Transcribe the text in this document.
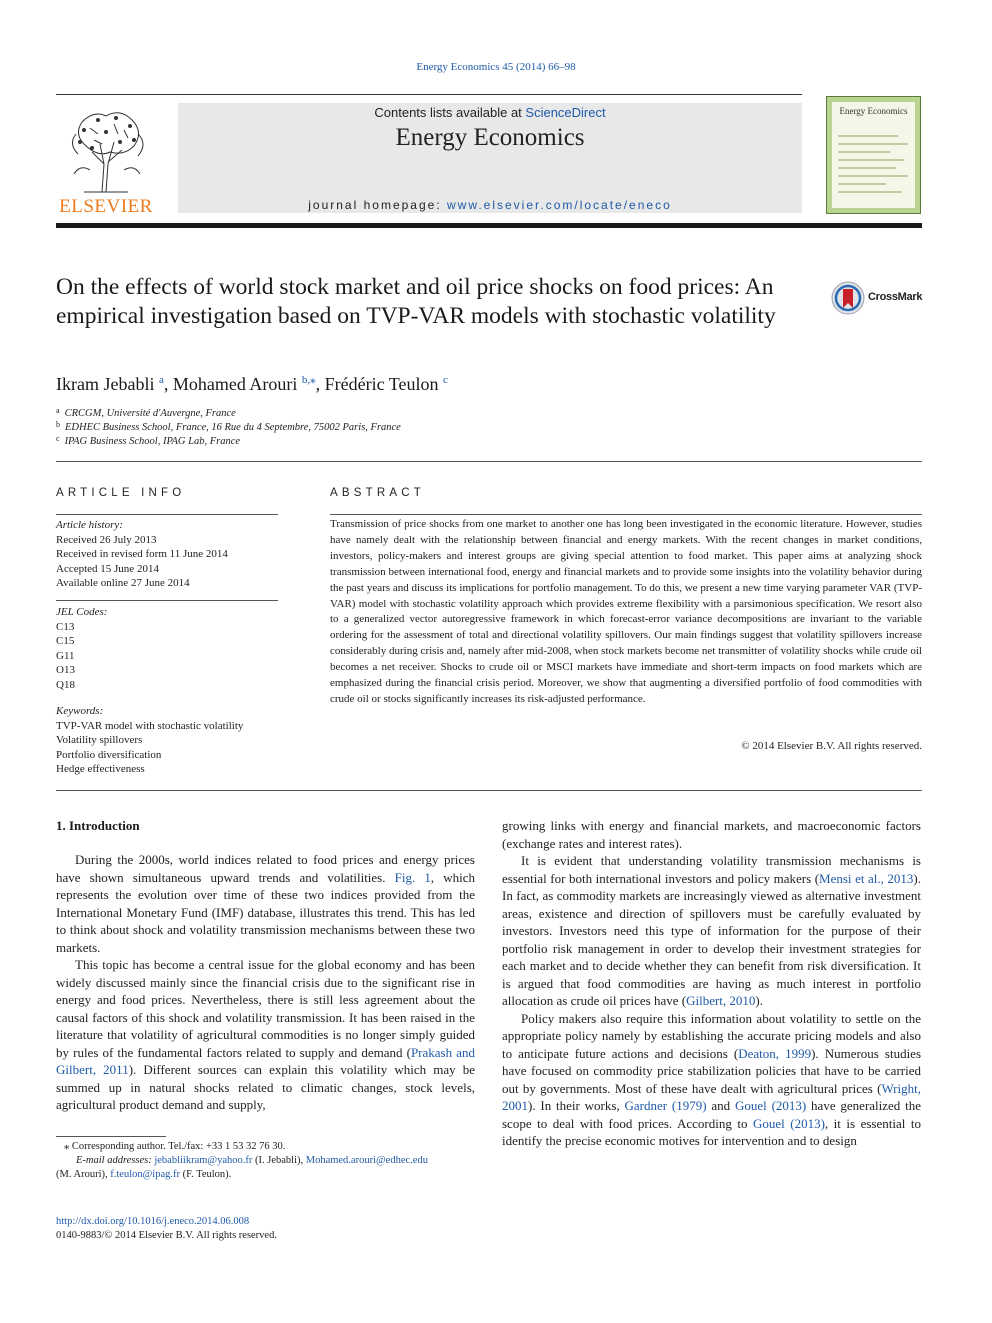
Energy Economics 45 (2014) 66–98
ELSEVIER
Contents lists available at ScienceDirect
Energy Economics
journal homepage: www.elsevier.com/locate/eneco
Energy Economics
On the effects of world stock market and oil price shocks on food prices: An empirical investigation based on TVP-VAR models with stochastic volatility
CrossMark
Ikram Jebabli $^a$, Mohamed Arouri $^{b,⁎}$, Frédéric Teulon $^c$
$^a$ CRCGM, Université d'Auvergne, France
$^b$ EDHEC Business School, France, 16 Rue du 4 Septembre, 75002 Paris, France
$^c$ IPAG Business School, IPAG Lab, France
ARTICLE INFO
Article history:
Received 26 July 2013
Received in revised form 11 June 2014
Accepted 15 June 2014
Available online 27 June 2014
JEL Codes:
C13
C15
G11
O13
Q18
Keywords:
TVP-VAR model with stochastic volatility
Volatility spillovers
Portfolio diversification
Hedge effectiveness
ABSTRACT
Transmission of price shocks from one market to another one has long been investigated in the economic literature. However, studies have namely dealt with the relationship between financial and energy markets. With the recent changes in market conditions, investors, policy-makers and interest groups are giving special attention to food market. This paper aims at analyzing shock transmission between international food, energy and financial markets and to provide some insights into the volatility behavior during the past years and discuss its implications for portfolio management. To do this, we present a new time varying parameter VAR (TVP-VAR) model with stochastic volatility approach which provides extreme flexibility with a parsimonious specification. We resort also to a generalized vector autoregressive framework in which forecast-error variance decompositions are invariant to the variable ordering for the assessment of total and directional volatility spillovers. Our main findings suggest that volatility spillovers increase considerably during crisis and, namely after mid-2008, when stock markets become net transmitter of volatility shocks while crude oil becomes a net receiver. Shocks to crude oil or MSCI markets have immediate and short-term impacts on food markets which are emphasized during the financial crisis period. Moreover, we show that augmenting a diversified portfolio of food commodities with crude oil or stocks significantly increases its risk-adjusted performance.
© 2014 Elsevier B.V. All rights reserved.
1. Introduction

During the 2000s, world indices related to food prices and energy prices have shown simultaneous upward trends and volatilities. Fig. 1, which represents the evolution over time of these two indices provided from the International Monetary Fund (IMF) database, illustrates this trend. This has led to think about shock and volatility transmission mechanisms between these two markets.

This topic has become a central issue for the global economy and has been widely discussed mainly since the financial crisis due to the significant rise in energy and food prices. Nevertheless, there is still less agreement about the causal factors of this shock and volatility transmission. It has been raised in the literature that volatility of agricultural commodities is no longer simply guided by rules of the fundamental factors related to supply and demand (Prakash and Gilbert, 2011). Different sources can explain this volatility which may be summed up in natural shocks related to climatic changes, stock levels, agricultural product demand and supply,

growing links with energy and financial markets, and macroeconomic factors (exchange rates and interest rates).

It is evident that understanding volatility transmission mechanisms is essential for both international investors and policy makers (Mensi et al., 2013). In fact, as commodity markets are increasingly viewed as alternative investment areas, existence and direction of spillovers must be carefully evaluated by investors. Investors need this type of information for the purpose of their portfolio risk management in order to develop their investment strategies for each market and to decide whether they can benefit from risk diversification. It is argued that food commodities are having as much interest in portfolio allocation as crude oil prices have (Gilbert, 2010).

Policy makers also require this information about volatility to settle on the appropriate policy namely by establishing the accurate pricing models and also to anticipate future actions and decisions (Deaton, 1999). Numerous studies have focused on commodity price stabilization policies that have to be carried out by governments. Most of these have dealt with agricultural prices (Wright, 2001). In their works, Gardner (1979) and Gouel (2013) have generalized the scope to deal with food prices. According to Gouel (2013), it is essential to identify the precise economic motives for intervention and to design

⁎ Corresponding author. Tel./fax: +33 1 53 32 76 30.
E-mail addresses: jebabliikram@yahoo.fr (I. Jebabli), Mohamed.arouri@edhec.edu
(M. Arouri), f.teulon@ipag.fr (F. Teulon).
http://dx.doi.org/10.1016/j.eneco.2014.06.008
0140-9883/© 2014 Elsevier B.V. All rights reserved.
